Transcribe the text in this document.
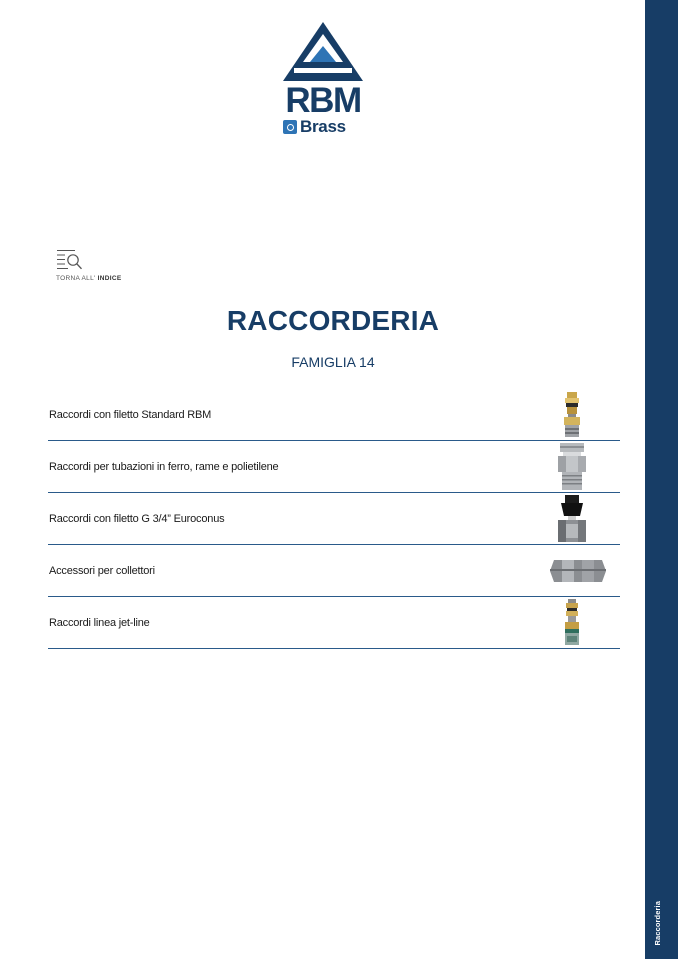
RBM
Brass
TORNA ALL' INDICE
RACCORDERIA
FAMIGLIA 14
Raccordi con filetto Standard RBM
Raccordi per tubazioni in ferro, rame e polietilene
Raccordi con filetto G 3/4” Euroconus
Accessori per collettori
Raccordi linea jet-line
Raccorderia
